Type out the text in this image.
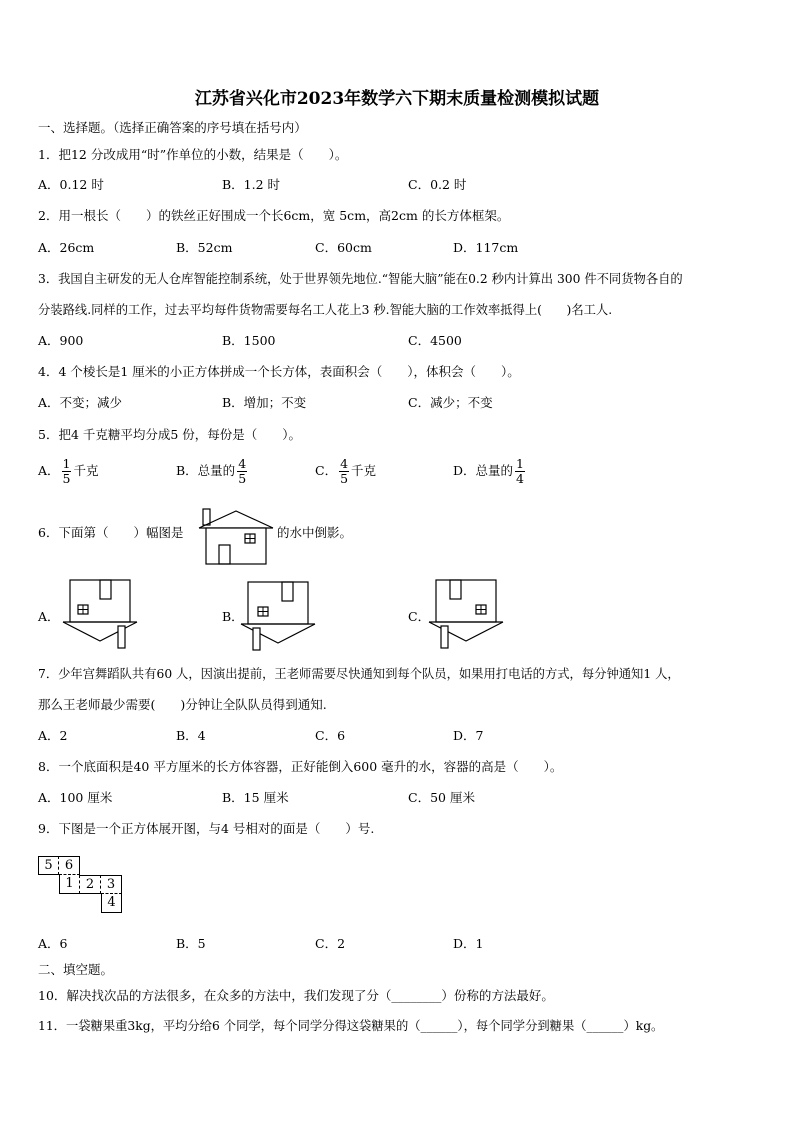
江苏省兴化市2023年数学六下期末质量检测模拟试题
一、选择题。（选择正确答案的序号填在括号内）
1．把12 分改成用“时”作单位的小数，结果是（　　）。
A．0.12 时	B．1.2 时	C．0.2 时
2．用一根长（　　）的铁丝正好围成一个长6cm，宽 5cm，高2cm 的长方体框架。
A．26cm	B．52cm	C．60cm	D．117cm
3．我国自主研发的无人仓库智能控制系统，处于世界领先地位.“智能大脑”能在0.2 秒内计算出 300 件不同货物各自的
分装路线.同样的工作，过去平均每件货物需要每名工人花上3 秒.智能大脑的工作效率抵得上(　　)名工人.
A．900	B．1500	C．4500
4．4 个棱长是1 厘米的小正方体拼成一个长方体，表面积会（　　），体积会（　　）。
A．不变；减少	B．增加；不变	C．减少；不变
5．把4 千克糖平均分成5 份，每份是（　　）。
A． $\frac{1}{5}$ 千克	B．总量的 $\frac{4}{5}$	C． $\frac{4}{5}$ 千克	D．总量的 $\frac{1}{4}$
6．下面第（　　）幅图是	的水中倒影。
A．	B．	C．
7．少年宫舞蹈队共有60 人，因演出提前，王老师需要尽快通知到每个队员，如果用打电话的方式，每分钟通知1 人，
那么王老师最少需要(　　)分钟让全队队员得到通知.
A．2	B．4	C．6	D．7
8．一个底面积是40 平方厘米的长方体容器，正好能倒入600 毫升的水，容器的高是（　　）。
A．100 厘米	B．15 厘米	C．50 厘米
9．下图是一个正方体展开图，与4 号相对的面是（　　）号.
5 6
1 2 3
4
A．6	B．5	C．2	D．1
二、填空题。
10．解决找次品的方法很多，在众多的方法中，我们发现了分（________）份称的方法最好。
11．一袋糖果重3kg，平均分给6 个同学，每个同学分得这袋糖果的（______），每个同学分到糖果（______）kg。
